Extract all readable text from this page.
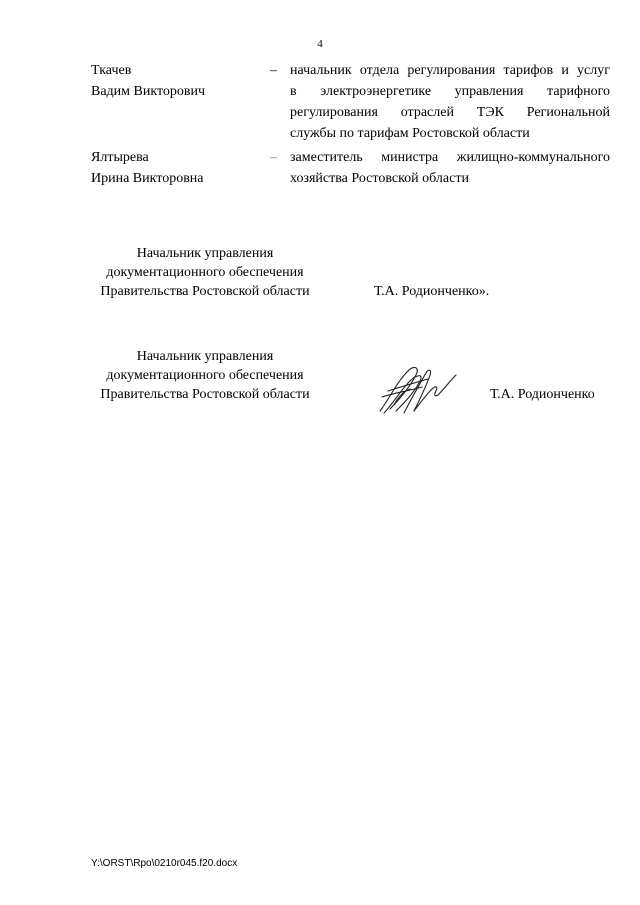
4
Ткачев
Вадим Викторович
– начальник отдела регулирования тарифов и услуг
в электроэнергетике управления тарифного
регулирования отраслей ТЭК Региональной
службы по тарифам Ростовской области
Ялтырева
Ирина Викторовна
– заместитель министра жилищно-коммунального
хозяйства Ростовской области
Начальник управления
документационного обеспечения
Правительства Ростовской области	Т.А. Родионченко».
Начальник управления
документационного обеспечения
Правительства Ростовской области	Т.А. Родионченко
Y:\ORST\Rpo\0210r045.f20.docx
